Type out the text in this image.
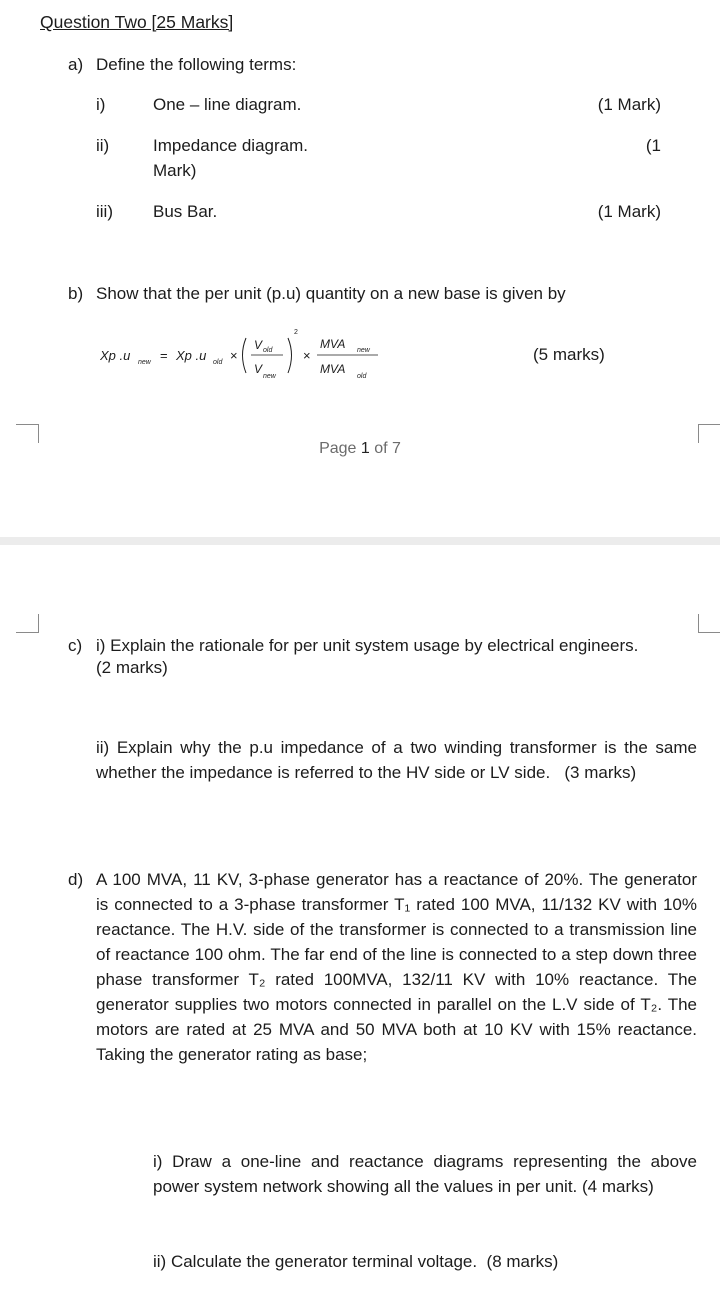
Question Two [25 Marks]
a) Define the following terms:
i)	One – line diagram.	(1 Mark)
ii)	Impedance diagram.	(1
Mark)
iii) Bus Bar.	(1 Mark)
b) Show that the per unit (p.u) quantity on a new base is given by
Xp .u new = Xp .u old ×
V old
V
new
2
×
MVA new
MVA
old
(5 marks)
Page 1 of 7
c) i) Explain the rationale for per unit system usage by electrical engineers.
(2 marks)
ii) Explain why the p.u impedance of a two winding transformer is the same whether the impedance is referred to the HV side or LV side.   (3 marks)
d) A 100 MVA, 11 KV, 3-phase generator has a reactance of 20%. The generator is connected to a 3-phase transformer T₁ rated 100 MVA, 11/132 KV with 10% reactance. The H.V. side of the transformer is connected to a transmission line of reactance 100 ohm. The far end of the line is connected to a step down three phase transformer T₂ rated 100MVA, 132/11 KV with 10% reactance. The generator supplies two motors connected in parallel on the L.V side of T₂. The motors are rated at 25 MVA and 50 MVA both at 10 KV with 15% reactance. Taking the generator rating as base;
i) Draw a one-line and reactance diagrams representing the above power system network showing all the values in per unit. (4 marks)
ii) Calculate the generator terminal voltage.  (8 marks)
